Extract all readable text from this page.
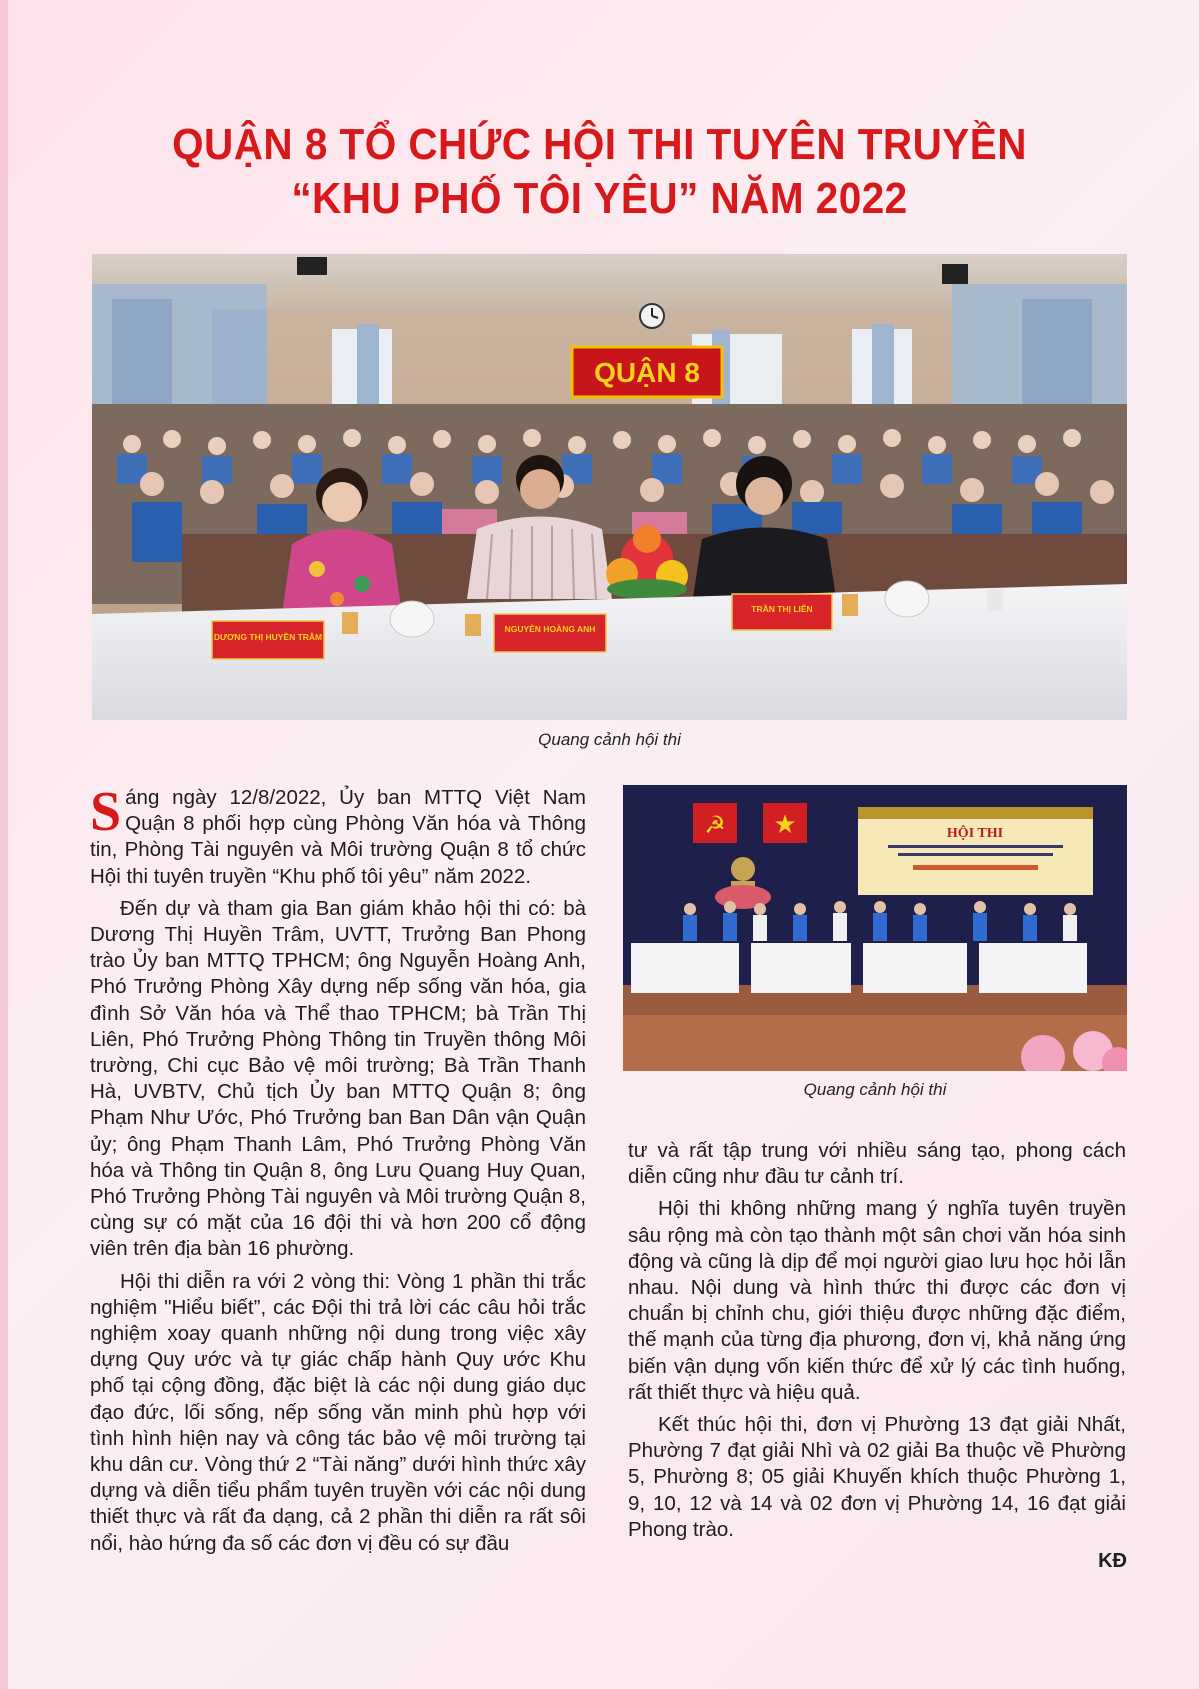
QUẬN 8 TỔ CHỨC HỘI THI TUYÊN TRUYỀN
“KHU PHỐ TÔI YÊU” NĂM 2022
QUẬN 8
DƯƠNG THỊ HUYỀN TRÂM
NGUYỄN HOÀNG ANH
TRẦN THỊ LIÊN
Quang cảnh hội thi
☭ ★	HỘI THI
Quang cảnh hội thi

Sáng ngày 12/8/2022, Ủy ban MTTQ Việt Nam Quận 8 phối hợp cùng Phòng Văn hóa và Thông tin, Phòng Tài nguyên và Môi trường Quận 8 tổ chức Hội thi tuyên truyền “Khu phố tôi yêu” năm 2022.

Đến dự và tham gia Ban giám khảo hội thi có: bà Dương Thị Huyền Trâm, UVTT, Trưởng Ban Phong trào Ủy ban MTTQ TPHCM; ông Nguyễn Hoàng Anh, Phó Trưởng Phòng Xây dựng nếp sống văn hóa, gia đình Sở Văn hóa và Thể thao TPHCM; bà Trần Thị Liên, Phó Trưởng Phòng Thông tin Truyền thông Môi trường, Chi cục Bảo vệ môi trường; Bà Trần Thanh Hà, UVBTV, Chủ tịch Ủy ban MTTQ Quận 8; ông Phạm Như Ước, Phó Trưởng ban Ban Dân vận Quận ủy; ông Phạm Thanh Lâm, Phó Trưởng Phòng Văn hóa và Thông tin Quận 8, ông Lưu Quang Huy Quan, Phó Trưởng Phòng Tài nguyên và Môi trường Quận 8, cùng sự có mặt của 16 đội thi và hơn 200 cổ động viên trên địa bàn 16 phường.

Hội thi diễn ra với 2 vòng thi: Vòng 1 phần thi trắc nghiệm "Hiểu biết”, các Đội thi trả lời các câu hỏi trắc nghiệm xoay quanh những nội dung trong việc xây dựng Quy ước và tự giác chấp hành Quy ước Khu phố tại cộng đồng, đặc biệt là các nội dung giáo dục đạo đức, lối sống, nếp sống văn minh phù hợp với tình hình hiện nay và công tác bảo vệ môi trường tại khu dân cư. Vòng thứ 2 “Tài năng” dưới hình thức xây dựng và diễn tiểu phẩm tuyên truyền với các nội dung thiết thực và rất đa dạng, cả 2 phần thi diễn ra rất sôi nổi, hào hứng đa số các đơn vị đều có sự đầu

tư và rất tập trung với nhiều sáng tạo, phong cách diễn cũng như đầu tư cảnh trí.

Hội thi không những mang ý nghĩa tuyên truyền sâu rộng mà còn tạo thành một sân chơi văn hóa sinh động và cũng là dịp để mọi người giao lưu học hỏi lẫn nhau. Nội dung và hình thức thi được các đơn vị chuẩn bị chỉnh chu, giới thiệu được những đặc điểm, thế mạnh của từng địa phương, đơn vị, khả năng ứng biến vận dụng vốn kiến thức để xử lý các tình huống, rất thiết thực và hiệu quả.

Kết thúc hội thi, đơn vị Phường 13 đạt giải Nhất, Phường 7 đạt giải Nhì và 02 giải Ba thuộc về Phường 5, Phường 8; 05 giải Khuyến khích thuộc Phường 1, 9, 10, 12 và 14 và 02 đơn vị Phường 14, 16 đạt giải Phong trào.

KĐ
